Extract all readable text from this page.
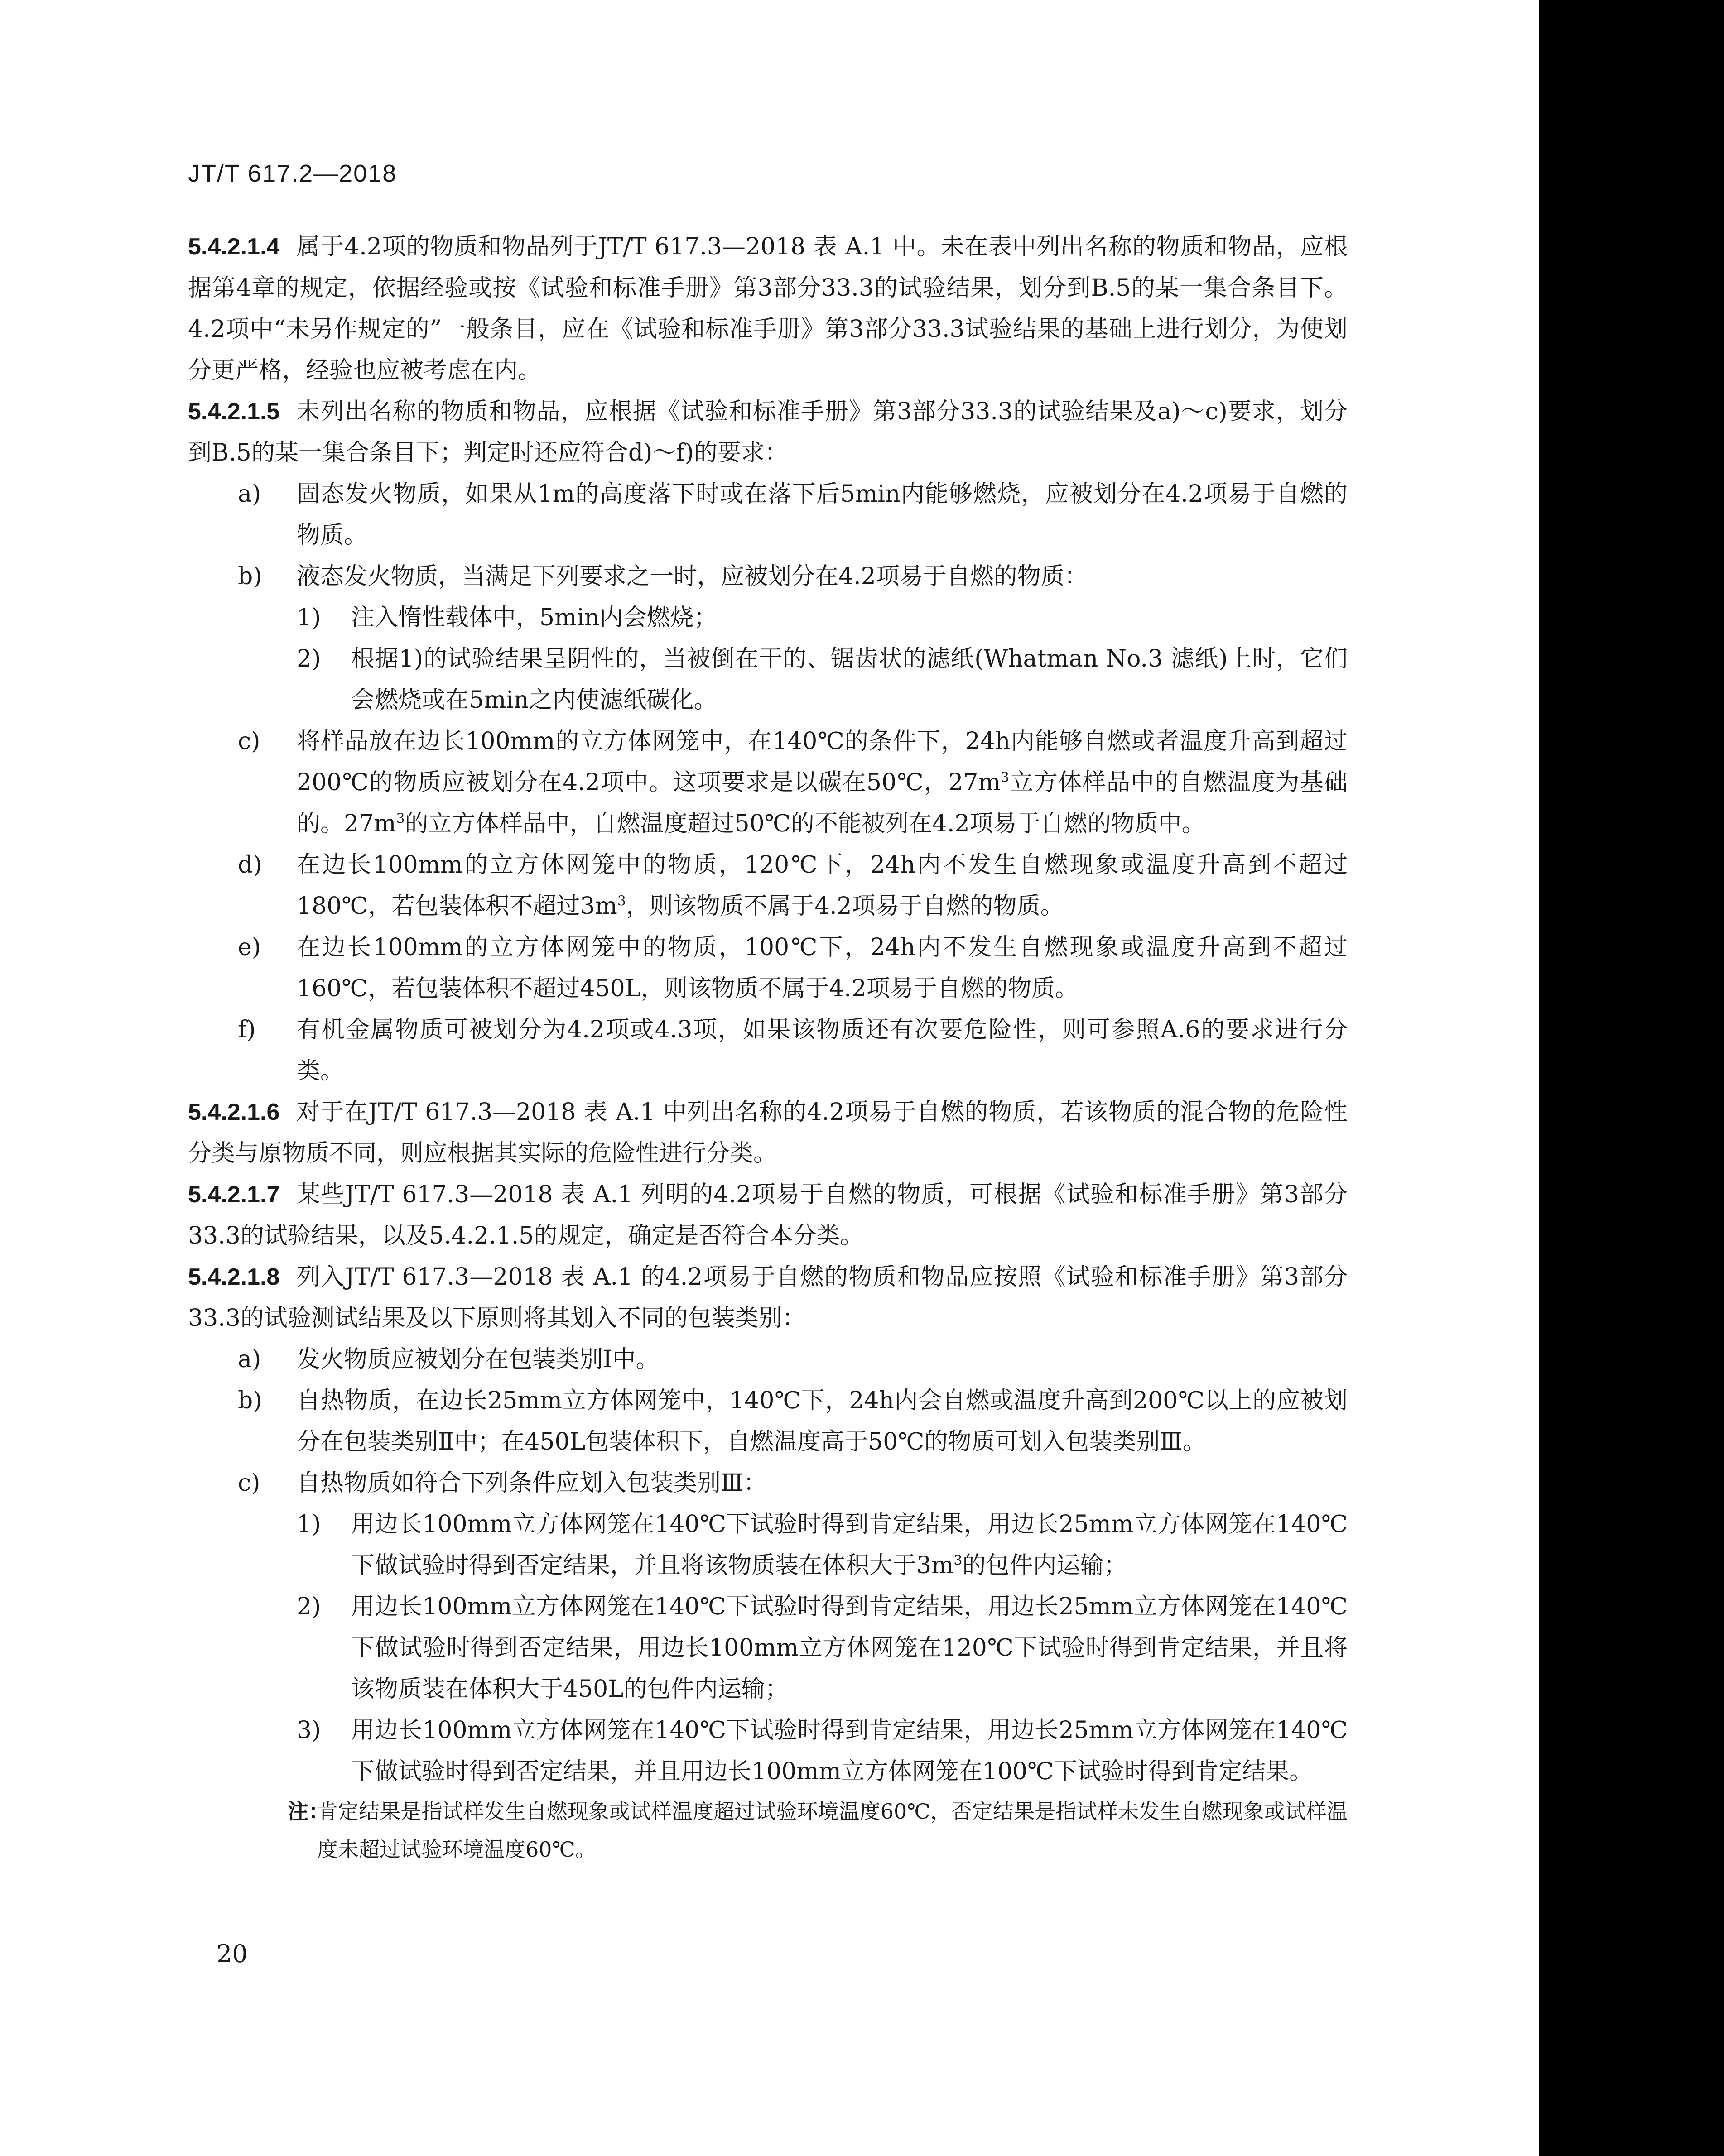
JT/T 617.2—2018

5.4.2.1.4 属于4.2项的物质和物品列于JT/T 617.3—2018 表 A.1 中。未在表中列出名称的物质和物品，应根据第4章的规定，依据经验或按《试验和标准手册》第3部分33.3的试验结果，划分到B.5的某一集合条目下。4.2项中“未另作规定的”一般条目，应在《试验和标准手册》第3部分33.3试验结果的基础上进行划分，为使划分更严格，经验也应被考虑在内。

5.4.2.1.5 未列出名称的物质和物品，应根据《试验和标准手册》第3部分33.3的试验结果及a)～c)要求，划分到B.5的某一集合条目下；判定时还应符合d)～f)的要求：

a) 固态发火物质，如果从1m的高度落下时或在落下后5min内能够燃烧，应被划分在4.2项易于自燃的物质。
b) 液态发火物质，当满足下列要求之一时，应被划分在4.2项易于自燃的物质：
1) 注入惰性载体中，5min内会燃烧；
2) 根据1)的试验结果呈阴性的，当被倒在干的、锯齿状的滤纸(Whatman No.3 滤纸)上时，它们会燃烧或在5min之内使滤纸碳化。
c) 将样品放在边长100mm的立方体网笼中，在140℃的条件下，24h内能够自燃或者温度升高到超过200℃的物质应被划分在4.2项中。这项要求是以碳在50℃，$27m^3$立方体样品中的自燃温度为基础的。$27m^3$的立方体样品中，自燃温度超过50℃的不能被列在4.2项易于自燃的物质中。
d) 在边长100mm的立方体网笼中的物质，120℃下，24h内不发生自燃现象或温度升高到不超过180℃，若包装体积不超过$3m^3$，则该物质不属于4.2项易于自燃的物质。
e) 在边长100mm的立方体网笼中的物质，100℃下，24h内不发生自燃现象或温度升高到不超过160℃，若包装体积不超过450L，则该物质不属于4.2项易于自燃的物质。
f) 有机金属物质可被划分为4.2项或4.3项，如果该物质还有次要危险性，则可参照A.6的要求进行分类。

5.4.2.1.6 对于在JT/T 617.3—2018 表 A.1 中列出名称的4.2项易于自燃的物质，若该物质的混合物的危险性分类与原物质不同，则应根据其实际的危险性进行分类。

5.4.2.1.7 某些JT/T 617.3—2018 表 A.1 列明的4.2项易于自燃的物质，可根据《试验和标准手册》第3部分33.3的试验结果，以及5.4.2.1.5的规定，确定是否符合本分类。

5.4.2.1.8 列入JT/T 617.3—2018 表 A.1 的4.2项易于自燃的物质和物品应按照《试验和标准手册》第3部分33.3的试验测试结果及以下原则将其划入不同的包装类别：

a) 发火物质应被划分在包装类别Ⅰ中。
b) 自热物质，在边长25mm立方体网笼中，140℃下，24h内会自燃或温度升高到200℃以上的应被划分在包装类别Ⅱ中；在450L包装体积下，自燃温度高于50℃的物质可划入包装类别Ⅲ。
c) 自热物质如符合下列条件应划入包装类别Ⅲ：
1) 用边长100mm立方体网笼在140℃下试验时得到肯定结果，用边长25mm立方体网笼在140℃下做试验时得到否定结果，并且将该物质装在体积大于$3m^3$的包件内运输；
2) 用边长100mm立方体网笼在140℃下试验时得到肯定结果，用边长25mm立方体网笼在140℃下做试验时得到否定结果，用边长100mm立方体网笼在120℃下试验时得到肯定结果，并且将该物质装在体积大于450L的包件内运输；
3) 用边长100mm立方体网笼在140℃下试验时得到肯定结果，用边长25mm立方体网笼在140℃下做试验时得到否定结果，并且用边长100mm立方体网笼在100℃下试验时得到肯定结果。
注：
肯定结果是指试样发生自燃现象或试样温度超过试验环境温度60℃，否定结果是指试样未发生自燃现象或试样温度未超过试验环境温度60℃。
20
